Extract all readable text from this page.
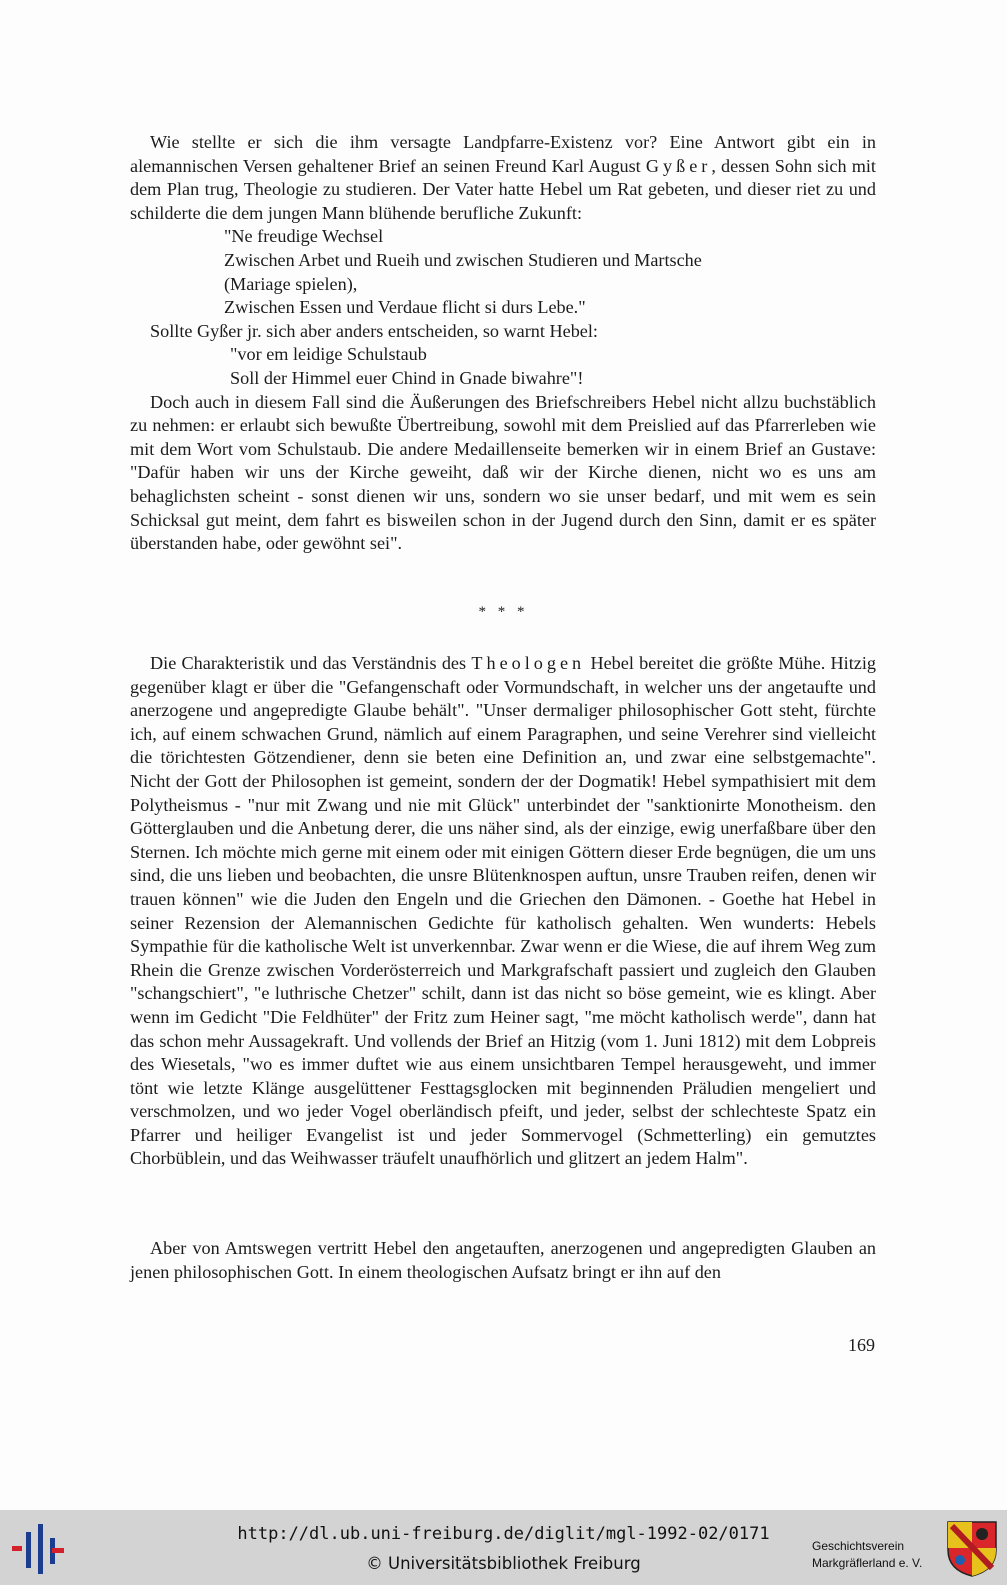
Wie stellte er sich die ihm versagte Landpfarre-Existenz vor? Eine Antwort gibt ein in alemannischen Versen gehaltener Brief an seinen Freund Karl August Gyßer, dessen Sohn sich mit dem Plan trug, Theologie zu studieren. Der Vater hatte Hebel um Rat gebeten, und dieser riet zu und schilderte die dem jungen Mann blühende berufliche Zukunft:

"Ne freudige Wechsel
Zwischen Arbet und Rueih und zwischen Studieren und Martsche
(Mariage spielen),
Zwischen Essen und Verdaue flicht si durs Lebe."

Sollte Gyßer jr. sich aber anders entscheiden, so warnt Hebel:

"vor em leidige Schulstaub
Soll der Himmel euer Chind in Gnade biwahre"!

Doch auch in diesem Fall sind die Äußerungen des Briefschreibers Hebel nicht allzu buchstäblich zu nehmen: er erlaubt sich bewußte Übertreibung, sowohl mit dem Preislied auf das Pfarrerleben wie mit dem Wort vom Schulstaub. Die andere Medaillenseite bemerken wir in einem Brief an Gustave: "Dafür haben wir uns der Kirche geweiht, daß wir der Kirche dienen, nicht wo es uns am behaglichsten scheint - sonst dienen wir uns, sondern wo sie unser bedarf, und mit wem es sein Schicksal gut meint, dem fahrt es bisweilen schon in der Jugend durch den Sinn, damit er es später überstanden habe, oder gewöhnt sei".

* * *

Die Charakteristik und das Verständnis des Theologen Hebel bereitet die größte Mühe. Hitzig gegenüber klagt er über die "Gefangenschaft oder Vormundschaft, in welcher uns der angetaufte und anerzogene und angepredigte Glaube behält". "Unser dermaliger philosophischer Gott steht, fürchte ich, auf einem schwachen Grund, nämlich auf einem Paragraphen, und seine Verehrer sind vielleicht die törichtesten Götzendiener, denn sie beten eine Definition an, und zwar eine selbstgemachte". Nicht der Gott der Philosophen ist gemeint, sondern der der Dogmatik! Hebel sympathisiert mit dem Polytheismus - "nur mit Zwang und nie mit Glück" unterbindet der "sanktionirte Monotheism. den Götterglauben und die Anbetung derer, die uns näher sind, als der einzige, ewig unerfaßbare über den Sternen. Ich möchte mich gerne mit einem oder mit einigen Göttern dieser Erde begnügen, die um uns sind, die uns lieben und beobachten, die unsre Blütenknospen auftun, unsre Trauben reifen, denen wir trauen können" wie die Juden den Engeln und die Griechen den Dämonen. - Goethe hat Hebel in seiner Rezension der Alemannischen Gedichte für katholisch gehalten. Wen wunderts: Hebels Sympathie für die katholische Welt ist unverkennbar. Zwar wenn er die Wiese, die auf ihrem Weg zum Rhein die Grenze zwischen Vorderösterreich und Markgrafschaft passiert und zugleich den Glauben "schangschiert", "e luthrische Chetzer" schilt, dann ist das nicht so böse gemeint, wie es klingt. Aber wenn im Gedicht "Die Feldhüter" der Fritz zum Heiner sagt, "me möcht katholisch werde", dann hat das schon mehr Aussagekraft. Und vollends der Brief an Hitzig (vom 1. Juni 1812) mit dem Lobpreis des Wiesetals, "wo es immer duftet wie aus einem unsichtbaren Tempel herausgeweht, und immer tönt wie letzte Klänge ausgelüttener Festtagsglocken mit beginnenden Präludien mengeliert und verschmolzen, und wo jeder Vogel oberländisch pfeift, und jeder, selbst der schlechteste Spatz ein Pfarrer und heiliger Evangelist ist und jeder Sommervogel (Schmetterling) ein gemutztes Chorbüblein, und das Weihwasser träufelt unaufhörlich und glitzert an jedem Halm".

Aber von Amtswegen vertritt Hebel den angetauften, anerzogenen und angepredigten Glauben an jenen philosophischen Gott. In einem theologischen Aufsatz bringt er ihn auf den

169
http://dl.ub.uni-freiburg.de/diglit/mgl-1992-02/0171
© Universitätsbibliothek Freiburg
Geschichtsverein
Markgräflerland e. V.
